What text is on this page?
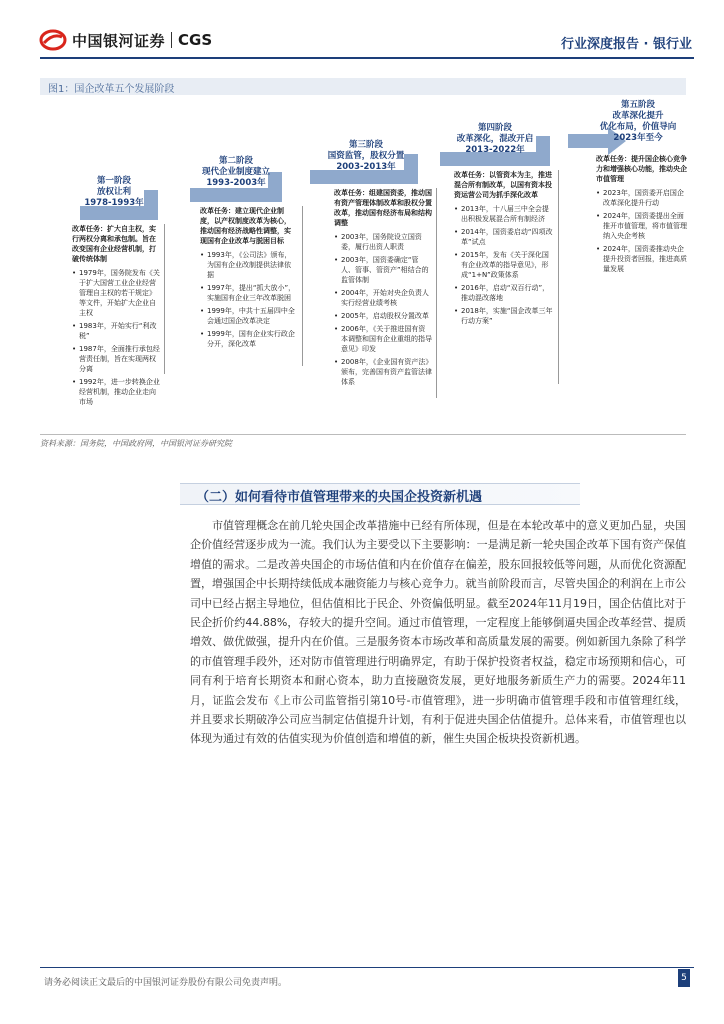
中国银河证券 CGS	行业深度报告 · 银行业
图1：国企改革五个发展阶段
第一阶段
放权让利
1978-1993年
第二阶段
现代企业制度建立
1993-2003年
第三阶段
国资监管，股权分置
2003-2013年
第四阶段
改革深化，混改开启
2013-2022年
第五阶段
改革深化提升
优化布局，价值导向
2023年至今
改革任务：扩大自主权，实行两权分离和承包制。旨在改变国有企业经营机制，打破传统体制
• 1979年，国务院发布《关于扩大国营工业企业经营管理自主权的若干规定》等文件，开始扩大企业自主权
• 1983年，开始实行“利改税”
• 1987年，全面推行承包经营责任制，旨在实现两权分离
• 1992年，进一步转换企业经营机制，推动企业走向市场
改革任务：建立现代企业制度，以产权制度改革为核心，推动国有经济战略性调整，实现国有企业改革与脱困目标
• 1993年，《公司法》颁布，为国有企业改制提供法律依据
• 1997年，提出“抓大放小”，实施国有企业三年改革脱困
• 1999年，中共十五届四中全会通过国企改革决定
• 1999年，国有企业实行政企分开，深化改革
改革任务：组建国资委，推动国有资产管理体制改革和股权分置改革，推动国有经济布局和结构调整
• 2003年，国务院设立国资委，履行出资人职责
• 2003年，国资委确定“管人、管事、管资产”相结合的监管体制
• 2004年，开始对央企负责人实行经营业绩考核
• 2005年，启动股权分置改革
• 2006年，《关于推进国有资本调整和国有企业重组的指导意见》印发
• 2008年，《企业国有资产法》颁布，完善国有资产监管法律体系
改革任务：以管资本为主，推进混合所有制改革，以国有资本投资运营公司为抓手深化改革
• 2013年，十八届三中全会提出积极发展混合所有制经济
• 2014年，国资委启动“四项改革”试点
• 2015年，发布《关于深化国有企业改革的指导意见》，形成“1+N”政策体系
• 2016年，启动“双百行动”，推动混改落地
• 2018年，实施“国企改革三年行动方案”
改革任务：提升国企核心竞争力和增强核心功能，推动央企市值管理
• 2023年，国资委开启国企改革深化提升行动
• 2024年，国资委提出全面推开市值管理，将市值管理纳入央企考核
• 2024年，国资委推动央企提升投资者回报，推进高质量发展
资料来源：国务院，中国政府网，中国银河证券研究院
（二）如何看待市值管理带来的央国企投资新机遇
市值管理概念在前几轮央国企改革措施中已经有所体现，但是在本轮改革中的意义更加凸显，央国企价值经营逐步成为一流。我们认为主要受以下主要影响：一是满足新一轮央国企改革下国有资产保值增值的需求。二是改善央国企的市场估值和内在价值存在偏差，股东回报较低等问题，从而优化资源配置，增强国企中长期持续低成本融资能力与核心竞争力。就当前阶段而言，尽管央国企的利润在上市公司中已经占据主导地位，但估值相比于民企、外资偏低明显。截至2024年11月19日，国企估值比对于民企折价约44.88%，存较大的提升空间。通过市值管理，一定程度上能够倒逼央国企改革经营、提质增效、做优做强，提升内在价值。三是服务资本市场改革和高质量发展的需要。例如新国九条除了科学的市值管理手段外，还对防市值管理进行明确界定，有助于保护投资者权益，稳定市场预期和信心，可同有利于培育长期资本和耐心资本，助力直接融资发展，更好地服务新质生产力的需要。2024年11月，证监会发布《上市公司监管指引第10号-市值管理》，进一步明确市值管理手段和市值管理红线，并且要求长期破净公司应当制定估值提升计划，有利于促进央国企估值提升。总体来看，市值管理也以体现为通过有效的估值实现为价值创造和增值的新，催生央国企板块投资新机遇。
请务必阅读正文最后的中国银河证券股份有限公司免责声明。	5
